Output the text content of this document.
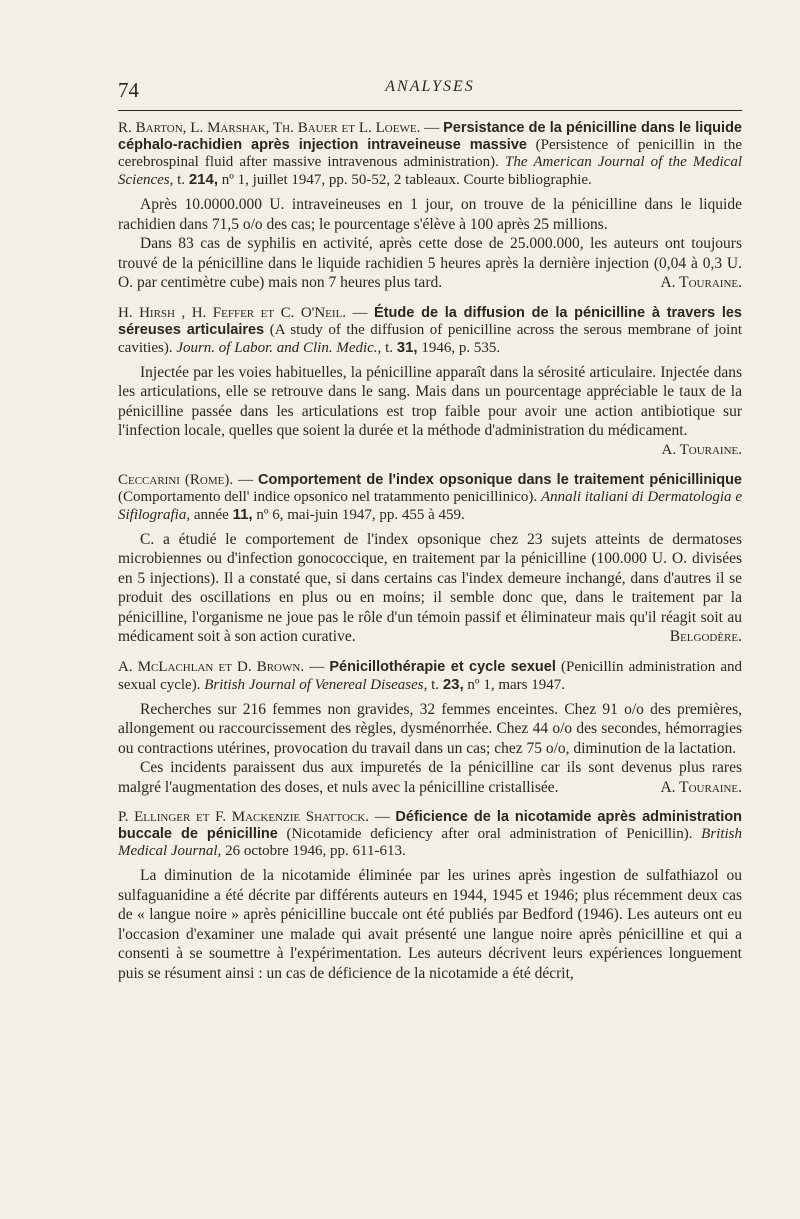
74	ANALYSES

R. Barton, L. Marshak, Th. Bauer et L. Loewe. — Persistance de la pénicilline dans le liquide céphalo-rachidien après injection intraveineuse massive (Persistence of penicillin in the cerebrospinal fluid after massive intravenous administration). The American Journal of the Medical Sciences, t. 214, nº 1, juillet 1947, pp. 50-52, 2 tableaux. Courte bibliographie.

Après 10.0000.000 U. intraveineuses en 1 jour, on trouve de la pénicilline dans le liquide rachidien dans 71,5 o/o des cas; le pourcentage s'élève à 100 après 25 millions.

Dans 83 cas de syphilis en activité, après cette dose de 25.000.000, les auteurs ont toujours trouvé de la pénicilline dans le liquide rachidien 5 heures après la dernière injection (0,04 à 0,3 U. O. par centimètre cube) mais non 7 heures plus tard.	A. Touraine.

H. Hirsh , H. Feffer et C. O'Neil. — Étude de la diffusion de la pénicilline à travers les séreuses articulaires (A study of the diffusion of penicilline across the serous membrane of joint cavities). Journ. of Labor. and Clin. Medic., t. 31, 1946, p. 535.

Injectée par les voies habituelles, la pénicilline apparaît dans la sérosité articulaire. Injectée dans les articulations, elle se retrouve dans le sang. Mais dans un pourcentage appréciable le taux de la pénicilline passée dans les articulations est trop faible pour avoir une action antibiotique sur l'infection locale, quelles que soient la durée et la méthode d'administration du médicament.

A. Touraine.

Ceccarini (Rome). — Comportement de l'index opsonique dans le traitement pénicillinique (Comportamento dell' indice opsonico nel tratammento penicillinico). Annali italiani di Dermatologia e Sifilografia, année 11, nº 6, mai-juin 1947, pp. 455 à 459.

C. a étudié le comportement de l'index opsonique chez 23 sujets atteints de dermatoses microbiennes ou d'infection gonococcique, en traitement par la pénicilline (100.000 U. O. divisées en 5 injections). Il a constaté que, si dans certains cas l'index demeure inchangé, dans d'autres il se produit des oscillations en plus ou en moins; il semble donc que, dans le traitement par la pénicilline, l'organisme ne joue pas le rôle d'un témoin passif et éliminateur mais qu'il réagit soit au médicament soit à son action curative.	Belgodère.

A. McLachlan et D. Brown. — Pénicillothérapie et cycle sexuel (Penicillin administration and sexual cycle). British Journal of Venereal Diseases, t. 23, nº 1, mars 1947.

Recherches sur 216 femmes non gravides, 32 femmes enceintes. Chez 91 o/o des premières, allongement ou raccourcissement des règles, dysménorrhée. Chez 44 o/o des secondes, hémorragies ou contractions utérines, provocation du travail dans un cas; chez 75 o/o, diminution de la lactation.

Ces incidents paraissent dus aux impuretés de la pénicilline car ils sont devenus plus rares malgré l'augmentation des doses, et nuls avec la pénicilline cristallisée.	A. Touraine.

P. Ellinger et F. Mackenzie Shattock. — Déficience de la nicotamide après administration buccale de pénicilline (Nicotamide deficiency after oral administration of Penicillin). British Medical Journal, 26 octobre 1946, pp. 611-613.

La diminution de la nicotamide éliminée par les urines après ingestion de sulfathiazol ou sulfaguanidine a été décrite par différents auteurs en 1944, 1945 et 1946; plus récemment deux cas de « langue noire » après pénicilline buccale ont été publiés par Bedford (1946). Les auteurs ont eu l'occasion d'examiner une malade qui avait présenté une langue noire après pénicilline et qui a consenti à se soumettre à l'expérimentation. Les auteurs décrivent leurs expériences longuement puis se résument ainsi : un cas de déficience de la nicotamide a été décrit,
